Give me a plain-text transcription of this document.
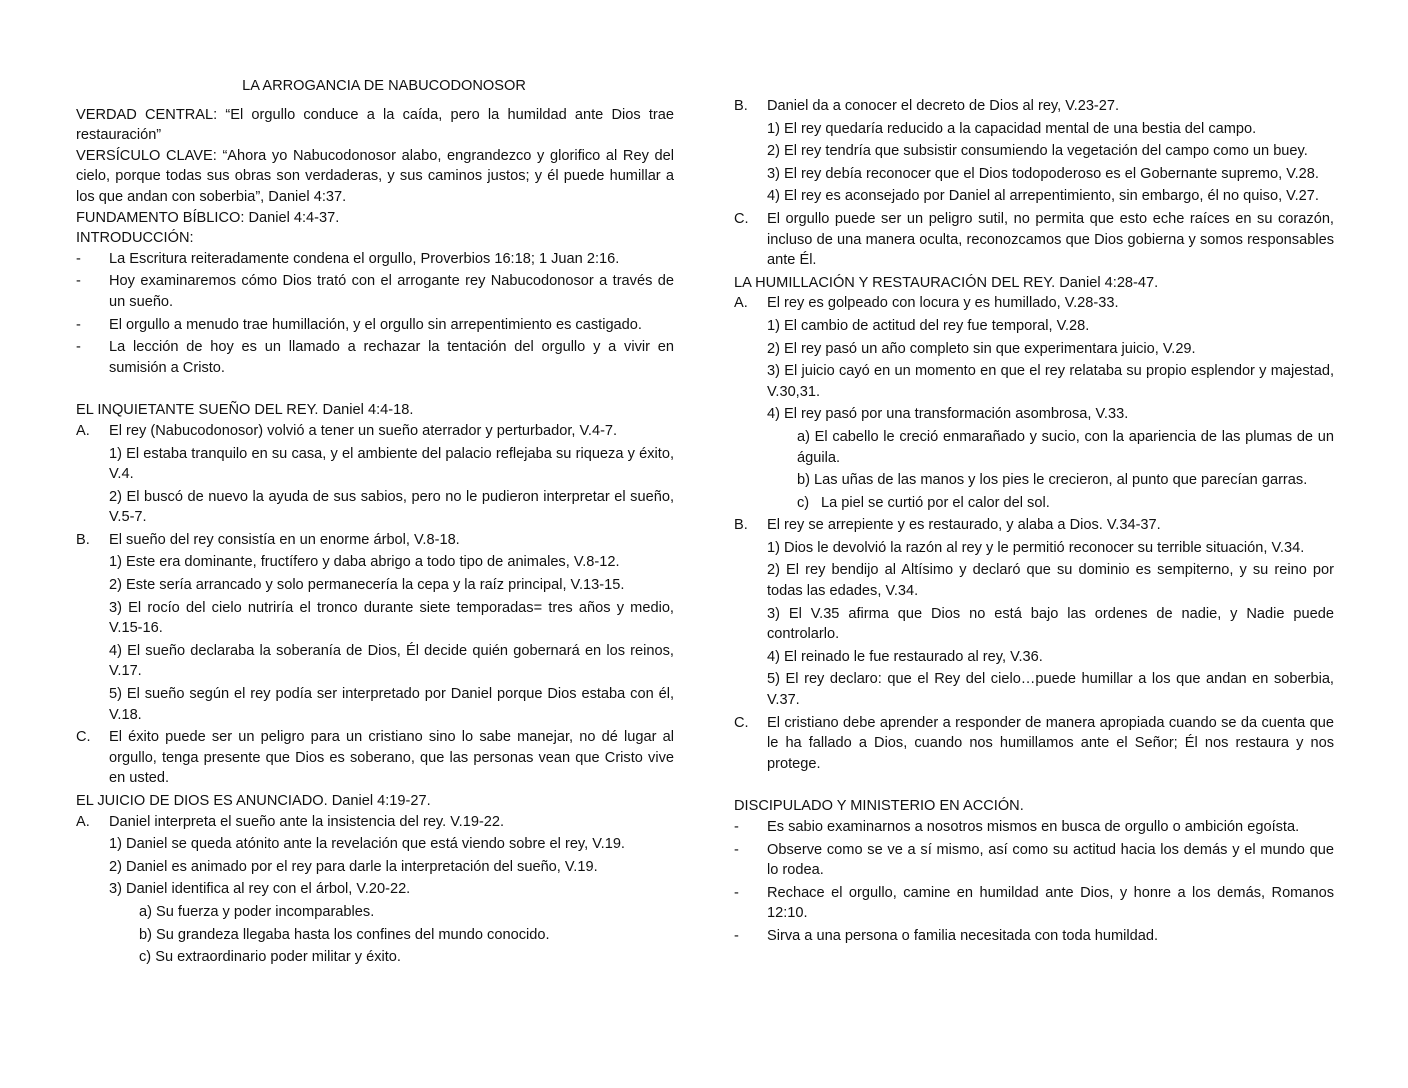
LA ARROGANCIA DE NABUCODONOSOR
VERDAD CENTRAL: “El orgullo conduce a la caída, pero la humildad ante Dios trae restauración”
VERSÍCULO CLAVE: “Ahora yo Nabucodonosor alabo, engrandezco y glorifico al Rey del cielo, porque todas sus obras son verdaderas, y sus caminos justos; y él puede humillar a los que andan con soberbia”, Daniel 4:37.
FUNDAMENTO BÍBLICO: Daniel 4:4-37.
INTRODUCCIÓN:
- La Escritura reiteradamente condena el orgullo, Proverbios 16:18; 1 Juan 2:16.
- Hoy examinaremos cómo Dios trató con el arrogante rey Nabucodonosor a través de un sueño.
- El orgullo a menudo trae humillación, y el orgullo sin arrepentimiento es castigado.
- La lección de hoy es un llamado a rechazar la tentación del orgullo y a vivir en sumisión a Cristo.
EL INQUIETANTE SUEÑO DEL REY. Daniel 4:4-18.
A. El rey (Nabucodonosor) volvió a tener un sueño aterrador y perturbador, V.4-7.
1) El estaba tranquilo en su casa, y el ambiente del palacio reflejaba su riqueza y éxito, V.4.
2) El buscó de nuevo la ayuda de sus sabios, pero no le pudieron interpretar el sueño, V.5-7.
B. El sueño del rey consistía en un enorme árbol, V.8-18.
1) Este era dominante, fructífero y daba abrigo a todo tipo de animales, V.8-12.
2) Este sería arrancado y solo permanecería la cepa y la raíz principal, V.13-15.
3) El rocío del cielo nutriría el tronco durante siete temporadas= tres años y medio, V.15-16.
4) El sueño declaraba la soberanía de Dios, Él decide quién gobernará en los reinos, V.17.
5) El sueño según el rey podía ser interpretado por Daniel porque Dios estaba con él, V.18.
C. El éxito puede ser un peligro para un cristiano sino lo sabe manejar, no dé lugar al orgullo, tenga presente que Dios es soberano, que las personas vean que Cristo vive en usted.
EL JUICIO DE DIOS ES ANUNCIADO. Daniel 4:19-27.
A. Daniel interpreta el sueño ante la insistencia del rey. V.19-22.
1) Daniel se queda atónito ante la revelación que está viendo sobre el rey, V.19.
2) Daniel es animado por el rey para darle la interpretación del sueño, V.19.
3) Daniel identifica al rey con el árbol, V.20-22.
a) Su fuerza y poder incomparables.
b) Su grandeza llegaba hasta los confines del mundo conocido.
c) Su extraordinario poder militar y éxito.
B. Daniel da a conocer el decreto de Dios al rey, V.23-27.
1) El rey quedaría reducido a la capacidad mental de una bestia del campo.
2) El rey tendría que subsistir consumiendo la vegetación del campo como un buey.
3) El rey debía reconocer que el Dios todopoderoso es el Gobernante supremo, V.28.
4) El rey es aconsejado por Daniel al arrepentimiento, sin embargo, él no quiso, V.27.
C. El orgullo puede ser un peligro sutil, no permita que esto eche raíces en su corazón, incluso de una manera oculta, reconozcamos que Dios gobierna y somos responsables ante Él.
LA HUMILLACIÓN Y RESTAURACIÓN DEL REY. Daniel 4:28-47.
A. El rey es golpeado con locura y es humillado, V.28-33.
1) El cambio de actitud del rey fue temporal, V.28.
2) El rey pasó un año completo sin que experimentara juicio, V.29.
3) El juicio cayó en un momento en que el rey relataba su propio esplendor y majestad, V.30,31.
4) El rey pasó por una transformación asombrosa, V.33.
a) El cabello le creció enmarañado y sucio, con la apariencia de las plumas de un águila.
b) Las uñas de las manos y los pies le crecieron, al punto que parecían garras.
c) La piel se curtió por el calor del sol.
B. El rey se arrepiente y es restaurado, y alaba a Dios. V.34-37.
1) Dios le devolvió la razón al rey y le permitió reconocer su terrible situación, V.34.
2) El rey bendijo al Altísimo y declaró que su dominio es sempiterno, y su reino por todas las edades, V.34.
3) El V.35 afirma que Dios no está bajo las ordenes de nadie, y Nadie puede controlarlo.
4) El reinado le fue restaurado al rey, V.36.
5) El rey declaro: que el Rey del cielo…puede humillar a los que andan en soberbia, V.37.
C. El cristiano debe aprender a responder de manera apropiada cuando se da cuenta que le ha fallado a Dios, cuando nos humillamos ante el Señor; Él nos restaura y nos protege.
DISCIPULADO Y MINISTERIO EN ACCIÓN.
- Es sabio examinarnos a nosotros mismos en busca de orgullo o ambición egoísta.
- Observe como se ve a sí mismo, así como su actitud hacia los demás y el mundo que lo rodea.
- Rechace el orgullo, camine en humildad ante Dios, y honre a los demás, Romanos 12:10.
- Sirva a una persona o familia necesitada con toda humildad.
